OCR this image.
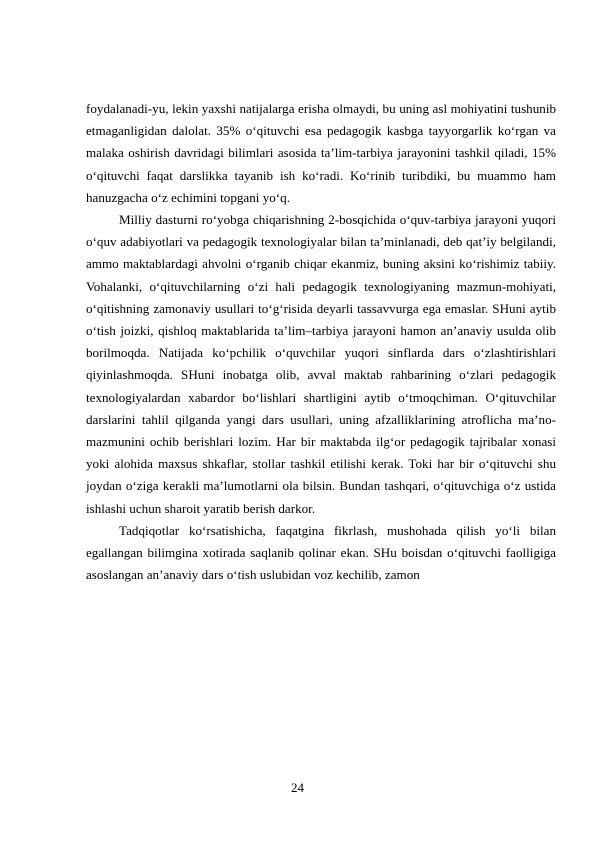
foydalanadi-yu, lekin yaxshi natijalarga erisha olmaydi, bu uning asl mohiyatini tushunib etmaganligidan dalolat. 35% o‘qituvchi esa pedagogik kasbga tayyorgarlik ko‘rgan va malaka oshirish davridagi bilimlari asosida ta’lim-tarbiya jarayonini tashkil qiladi, 15% o‘qituvchi faqat darslikka tayanib ish ko‘radi. Ko‘rinib turibdiki, bu muammo ham hanuzgacha o‘z echimini topgani yo‘q.

Milliy dasturni ro‘yobga chiqarishning 2-bosqichida o‘quv-tarbiya jarayoni yuqori o‘quv adabiyotlari va pedagogik texnologiyalar bilan ta’minlanadi, deb qat’iy belgilandi, ammo maktablardagi ahvolni o‘rganib chiqar ekanmiz, buning aksini ko‘rishimiz tabiiy. Vohalanki, o‘qituvchilarning o‘zi hali pedagogik texnologiyaning mazmun-mohiyati, o‘qitishning zamonaviy usullari to‘g‘risida deyarli tassavvurga ega emaslar. SHuni aytib o‘tish joizki, qishloq maktablarida ta’lim–tarbiya jarayoni hamon an’anaviy usulda olib borilmoqda. Natijada ko‘pchilik o‘quvchilar yuqori sinflarda dars o‘zlashtirishlari qiyinlashmoqda. SHuni inobatga olib, avval maktab rahbarining o‘zlari pedagogik texnologiyalardan xabardor bo‘lishlari shartligini aytib o‘tmoqchiman. O‘qituvchilar darslarini tahlil qilganda yangi dars usullari, uning afzalliklarining atroflicha ma’no-mazmunini ochib berishlari lozim. Har bir maktabda ilg‘or pedagogik tajribalar xonasi yoki alohida maxsus shkaflar, stollar tashkil etilishi kerak. Toki har bir o‘qituvchi shu joydan o‘ziga kerakli ma’lumotlarni ola bilsin. Bundan tashqari, o‘qituvchiga o‘z ustida ishlashi uchun sharoit yaratib berish darkor.

Tadqiqotlar ko‘rsatishicha, faqatgina fikrlash, mushohada qilish yo‘li bilan egallangan bilimgina xotirada saqlanib qolinar ekan. SHu boisdan o‘qituvchi faolligiga asoslangan an’anaviy dars o‘tish uslubidan voz kechilib, zamon

24
